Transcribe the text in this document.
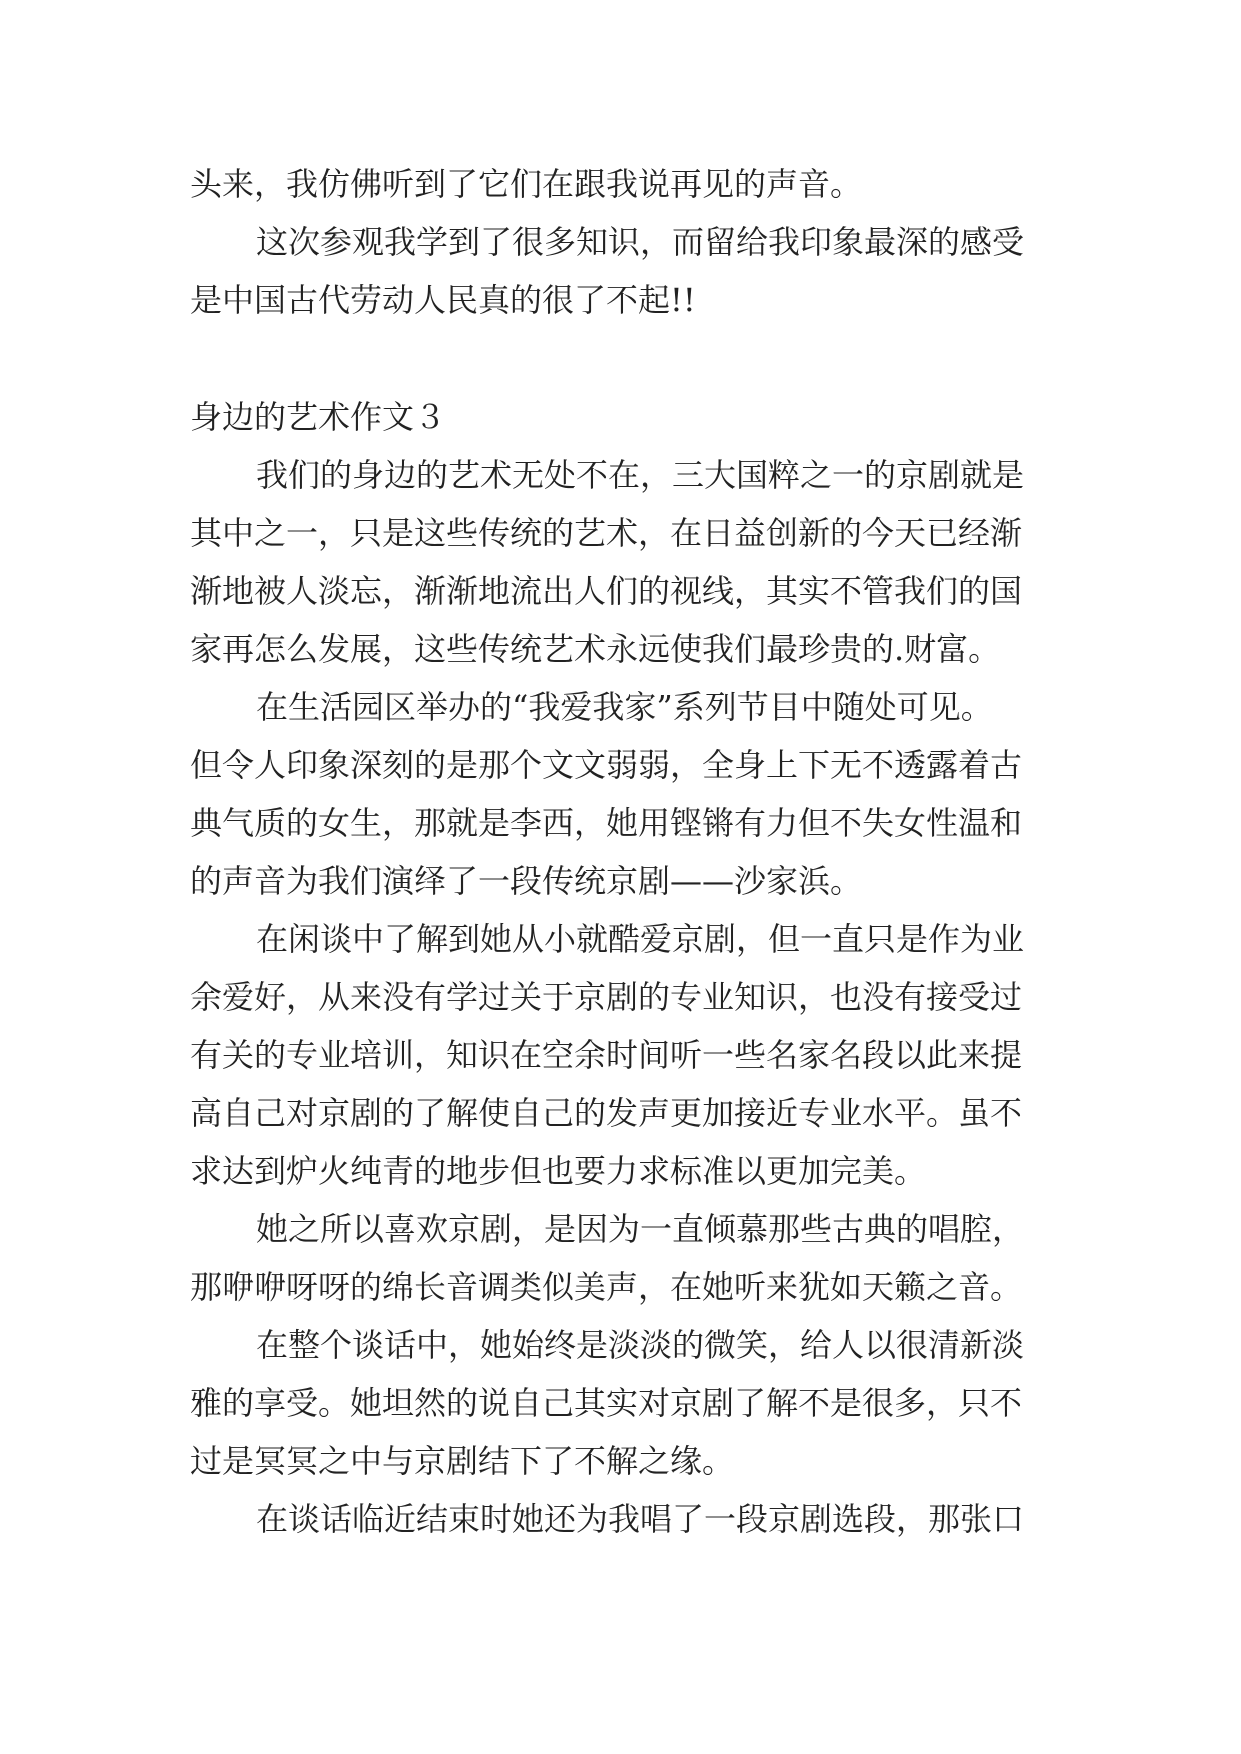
头来，我仿佛听到了它们在跟我说再见的声音。
这次参观我学到了很多知识，而留给我印象最深的感受
是中国古代劳动人民真的很了不起!!
身边的艺术作文３
我们的身边的艺术无处不在，三大国粹之一的京剧就是
其中之一，只是这些传统的艺术，在日益创新的今天已经渐
渐地被人淡忘，渐渐地流出人们的视线，其实不管我们的国
家再怎么发展，这些传统艺术永远使我们最珍贵的.财富。
在生活园区举办的“我爱我家”系列节目中随处可见。
但令人印象深刻的是那个文文弱弱，全身上下无不透露着古
典气质的女生，那就是李西，她用铿锵有力但不失女性温和
的声音为我们演绎了一段传统京剧——沙家浜。
在闲谈中了解到她从小就酷爱京剧，但一直只是作为业
余爱好，从来没有学过关于京剧的专业知识，也没有接受过
有关的专业培训，知识在空余时间听一些名家名段以此来提
高自己对京剧的了解使自己的发声更加接近专业水平。虽不
求达到炉火纯青的地步但也要力求标准以更加完美。
她之所以喜欢京剧，是因为一直倾慕那些古典的唱腔，
那咿咿呀呀的绵长音调类似美声，在她听来犹如天籁之音。
在整个谈话中，她始终是淡淡的微笑，给人以很清新淡
雅的享受。她坦然的说自己其实对京剧了解不是很多，只不
过是冥冥之中与京剧结下了不解之缘。
在谈话临近结束时她还为我唱了一段京剧选段，那张口
